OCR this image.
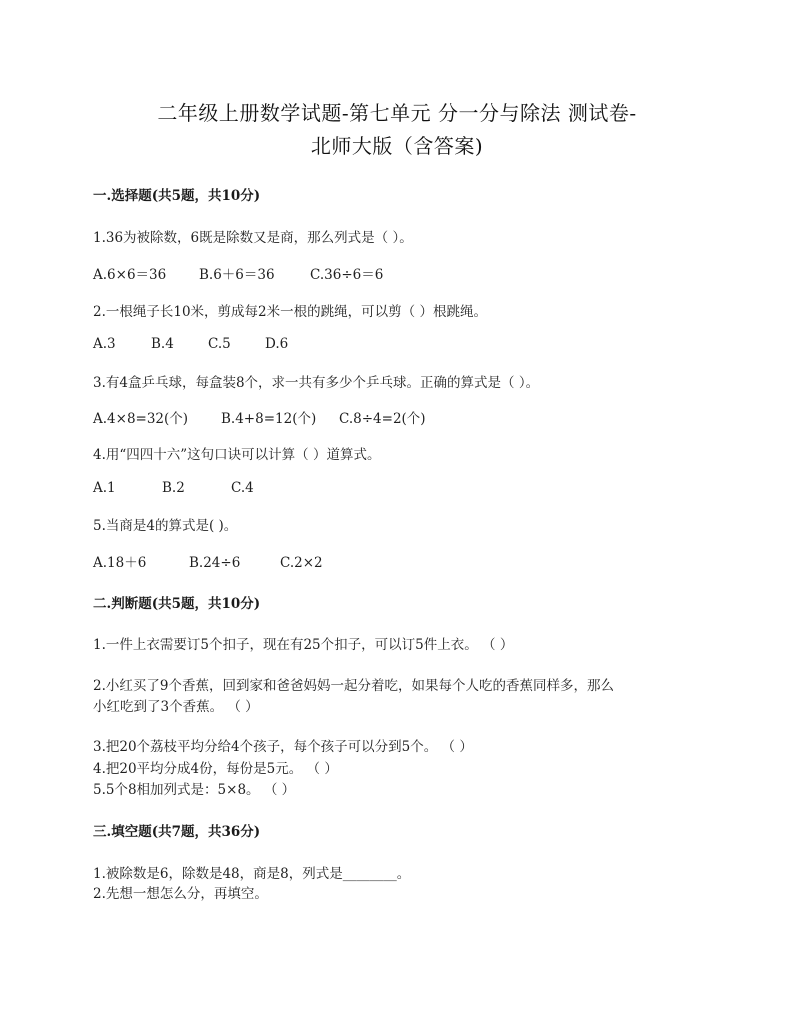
二年级上册数学试题-第七单元 分一分与除法 测试卷-
北师大版（含答案)
一.选择题(共5题，共10分)
1.36为被除数，6既是除数又是商，那么列式是（ ）。
A.6×6＝36 B.6＋6＝36	C.36÷6＝6
2.一根绳子长10米，剪成每2米一根的跳绳，可以剪（ ）根跳绳。
A.3	B.4	C.5	D.6
3.有4盒乒乓球，每盒装8个，求一共有多少个乒乓球。正确的算式是（ ）。
A.4×8=32(个) B.4+8=12(个) C.8÷4=2(个)
4.用“四四十六”这句口诀可以计算（ ）道算式。
A.1	B.2	C.4
5.当商是4的算式是( )。
A.18＋6	B.24÷6	C.2×2
二.判断题(共5题，共10分)
1.一件上衣需要订5个扣子，现在有25个扣子，可以订5件上衣。 （ ）
2.小红买了9个香蕉，回到家和爸爸妈妈一起分着吃，如果每个人吃的香蕉同样多，那么
小红吃到了3个香蕉。 （ ）
3.把20个荔枝平均分给4个孩子，每个孩子可以分到5个。 （ ）
4.把20平均分成4份，每份是5元。 （ ）
5.5个8相加列式是：5×8。 （ ）
三.填空题(共7题，共36分)
1.被除数是6，除数是48，商是8，列式是________。
2.先想一想怎么分，再填空。
